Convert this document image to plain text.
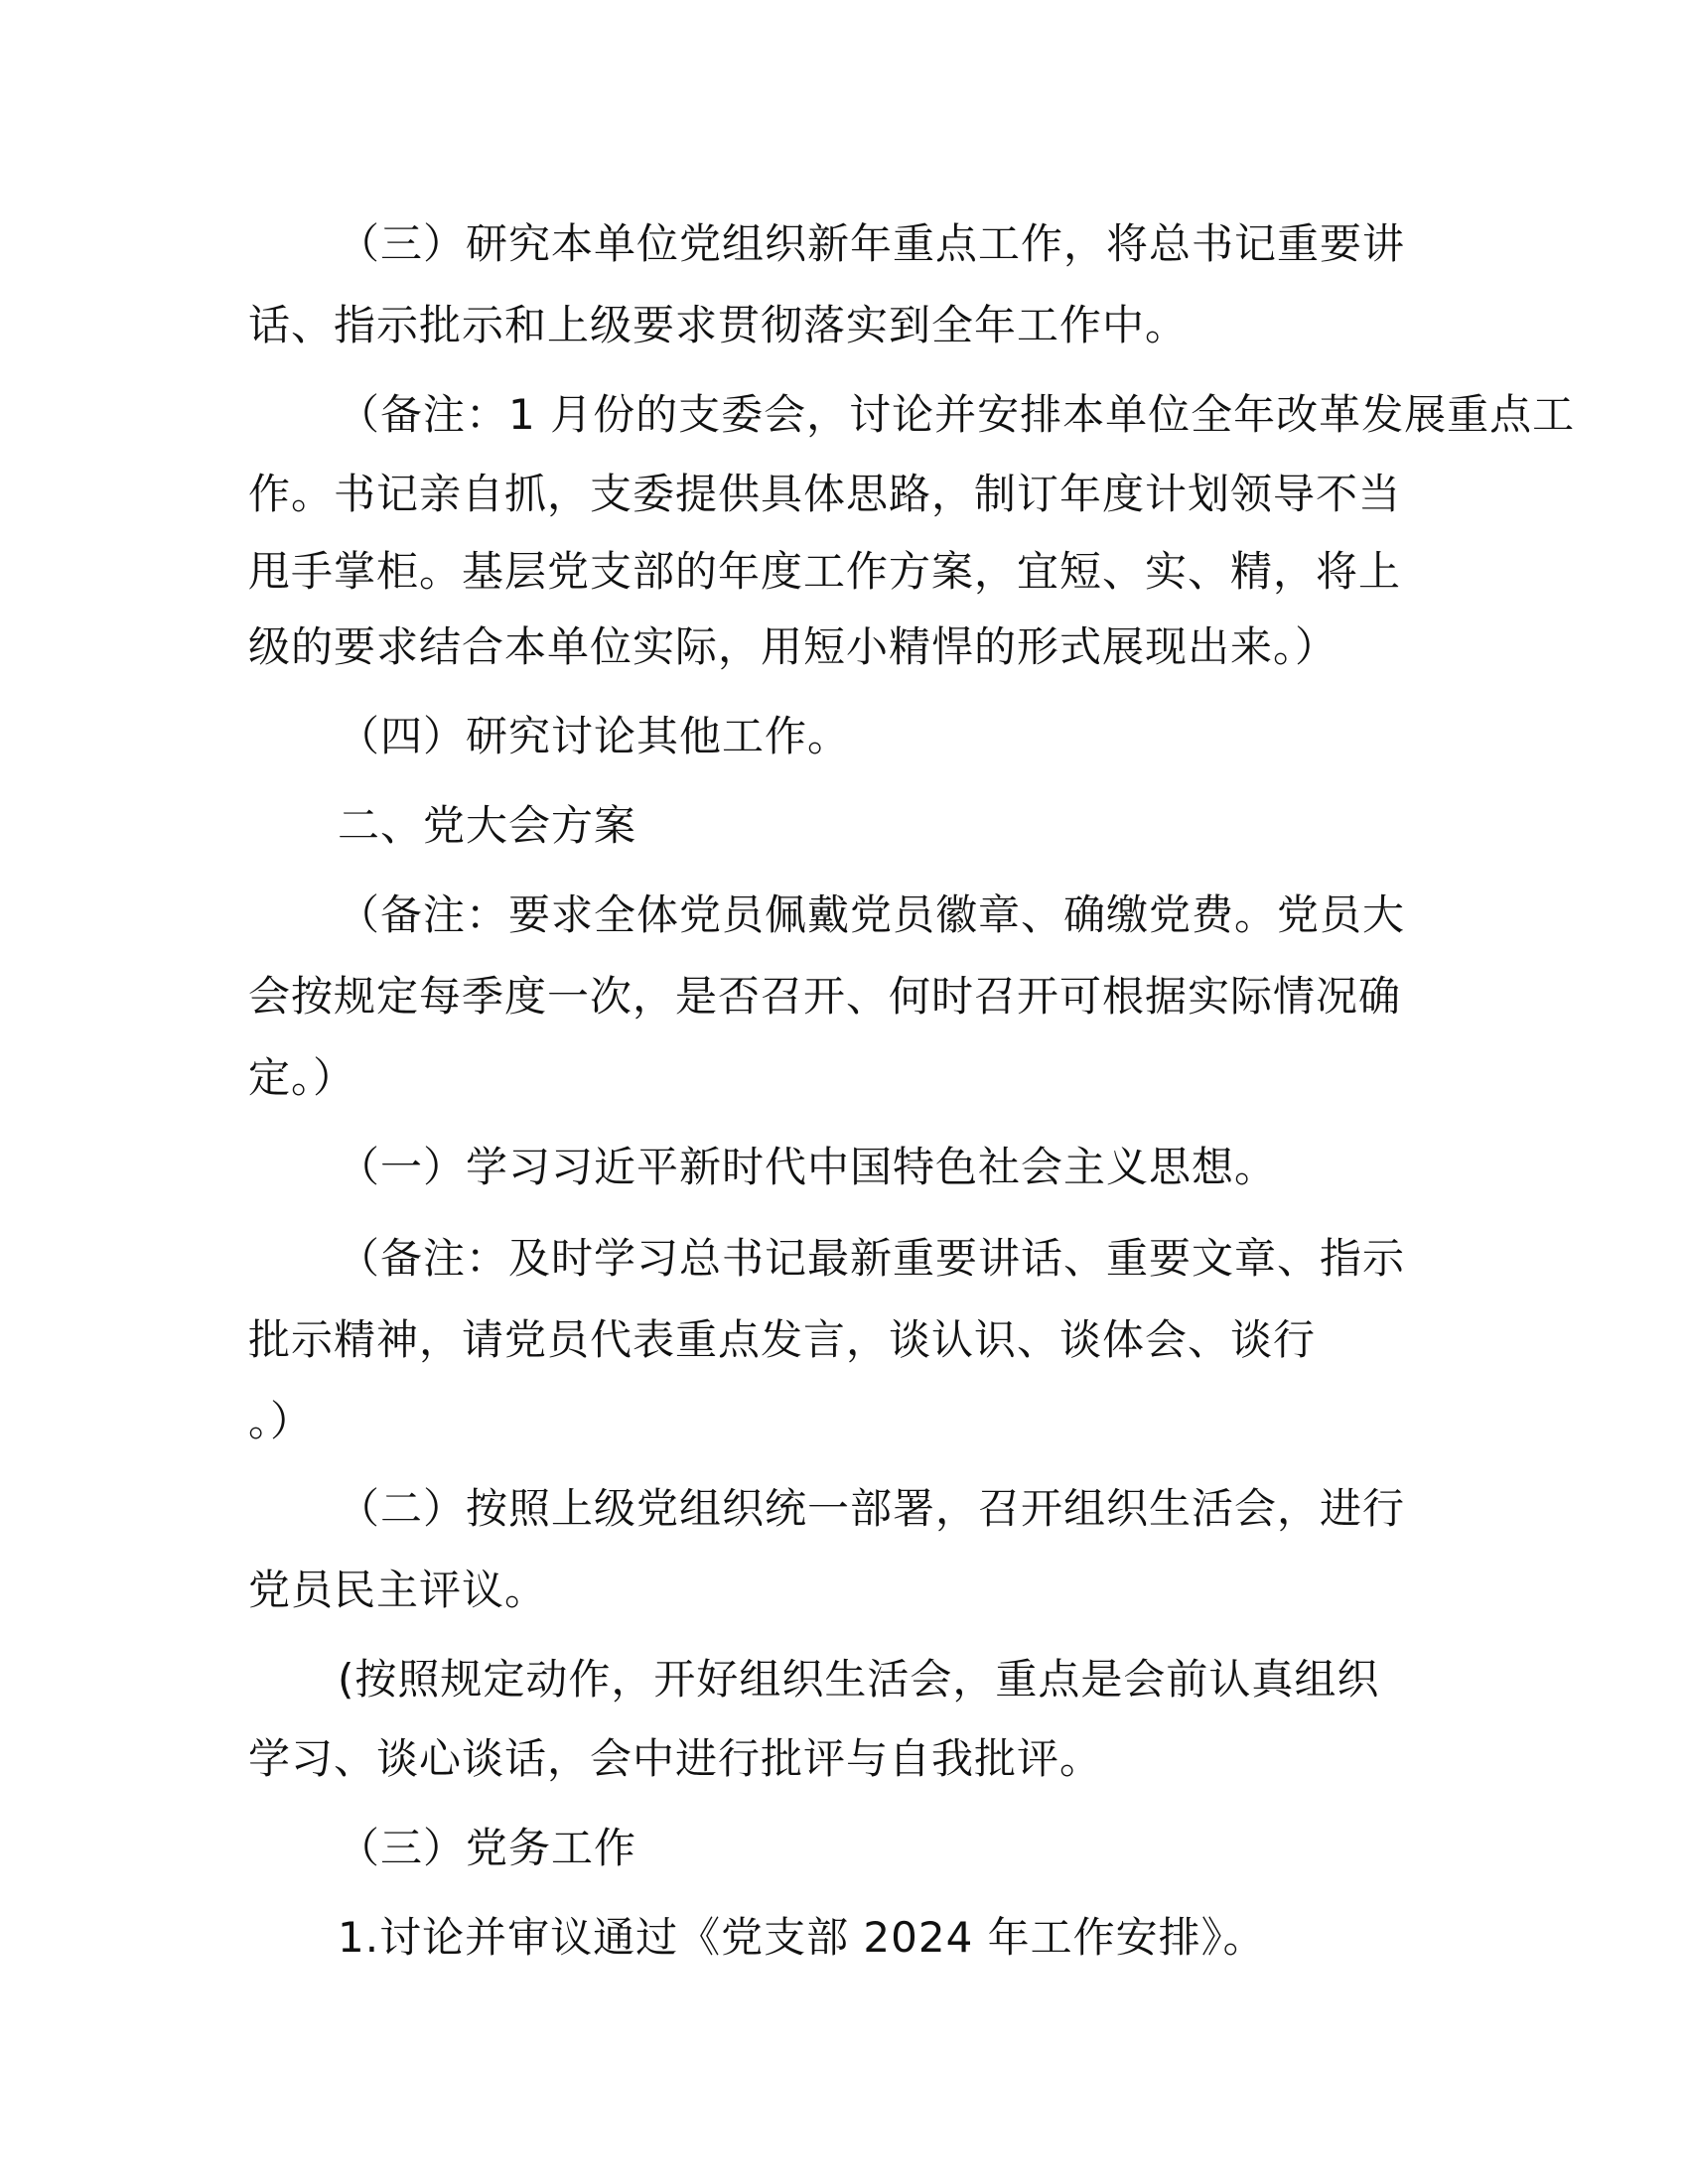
（三）研究本单位党组织新年重点工作，将总书记重要讲
话、指示批示和上级要求贯彻落实到全年工作中。
（备注：1 月份的支委会，讨论并安排本单位全年改革发展重点工
作。书记亲自抓，支委提供具体思路，制订年度计划领导不当
甩手掌柜。基层党支部的年度工作方案，宜短、实、精，将上
级的要求结合本单位实际，用短小精悍的形式展现出来。）
（四）研究讨论其他工作。
二、党大会方案
（备注：要求全体党员佩戴党员徽章、确缴党费。党员大
会按规定每季度一次，是否召开、何时召开可根据实际情况确
定。）
（一）学习习近平新时代中国特色社会主义思想。
（备注：及时学习总书记最新重要讲话、重要文章、指示
批示精神，请党员代表重点发言，谈认识、谈体会、谈行
。）
（二）按照上级党组织统一部署，召开组织生活会，进行
党员民主评议。
(按照规定动作，开好组织生活会，重点是会前认真组织
学习、谈心谈话，会中进行批评与自我批评。
（三）党务工作
1.讨论并审议通过《党支部 2024 年工作安排》。
